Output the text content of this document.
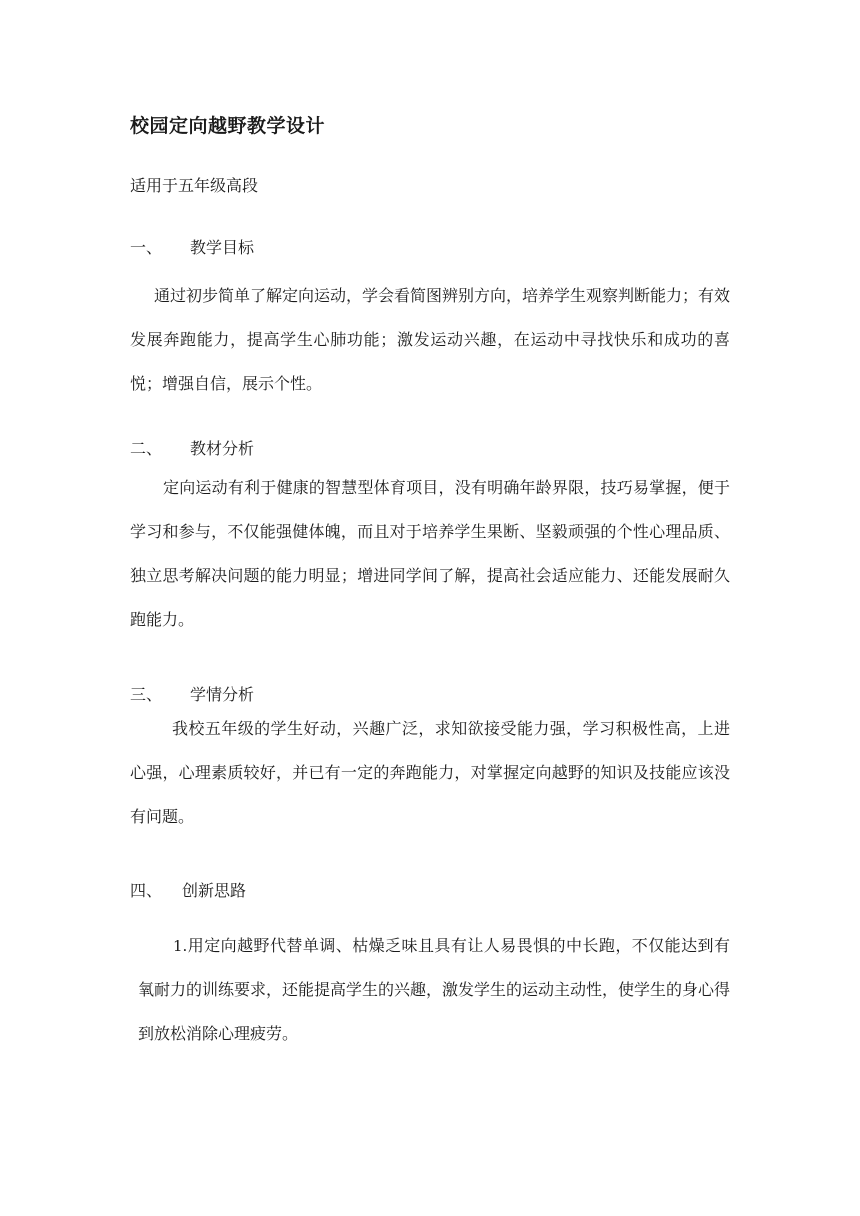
校园定向越野教学设计

适用于五年级高段

一、 教学目标

通过初步简单了解定向运动，学会看简图辨别方向，培养学生观察判断能力；有效发展奔跑能力，提高学生心肺功能；激发运动兴趣，在运动中寻找快乐和成功的喜悦；增强自信，展示个性。

二、 教材分析

定向运动有利于健康的智慧型体育项目，没有明确年龄界限，技巧易掌握，便于学习和参与，不仅能强健体魄，而且对于培养学生果断、坚毅顽强的个性心理品质、独立思考解决问题的能力明显；增进同学间了解，提高社会适应能力、还能发展耐久跑能力。

三、 学情分析

我校五年级的学生好动，兴趣广泛，求知欲接受能力强，学习积极性高，上进心强，心理素质较好，并已有一定的奔跑能力，对掌握定向越野的知识及技能应该没有问题。

四、 创新思路

1.用定向越野代替单调、枯燥乏味且具有让人易畏惧的中长跑，不仅能达到有氧耐力的训练要求，还能提高学生的兴趣，激发学生的运动主动性，使学生的身心得到放松消除心理疲劳。
